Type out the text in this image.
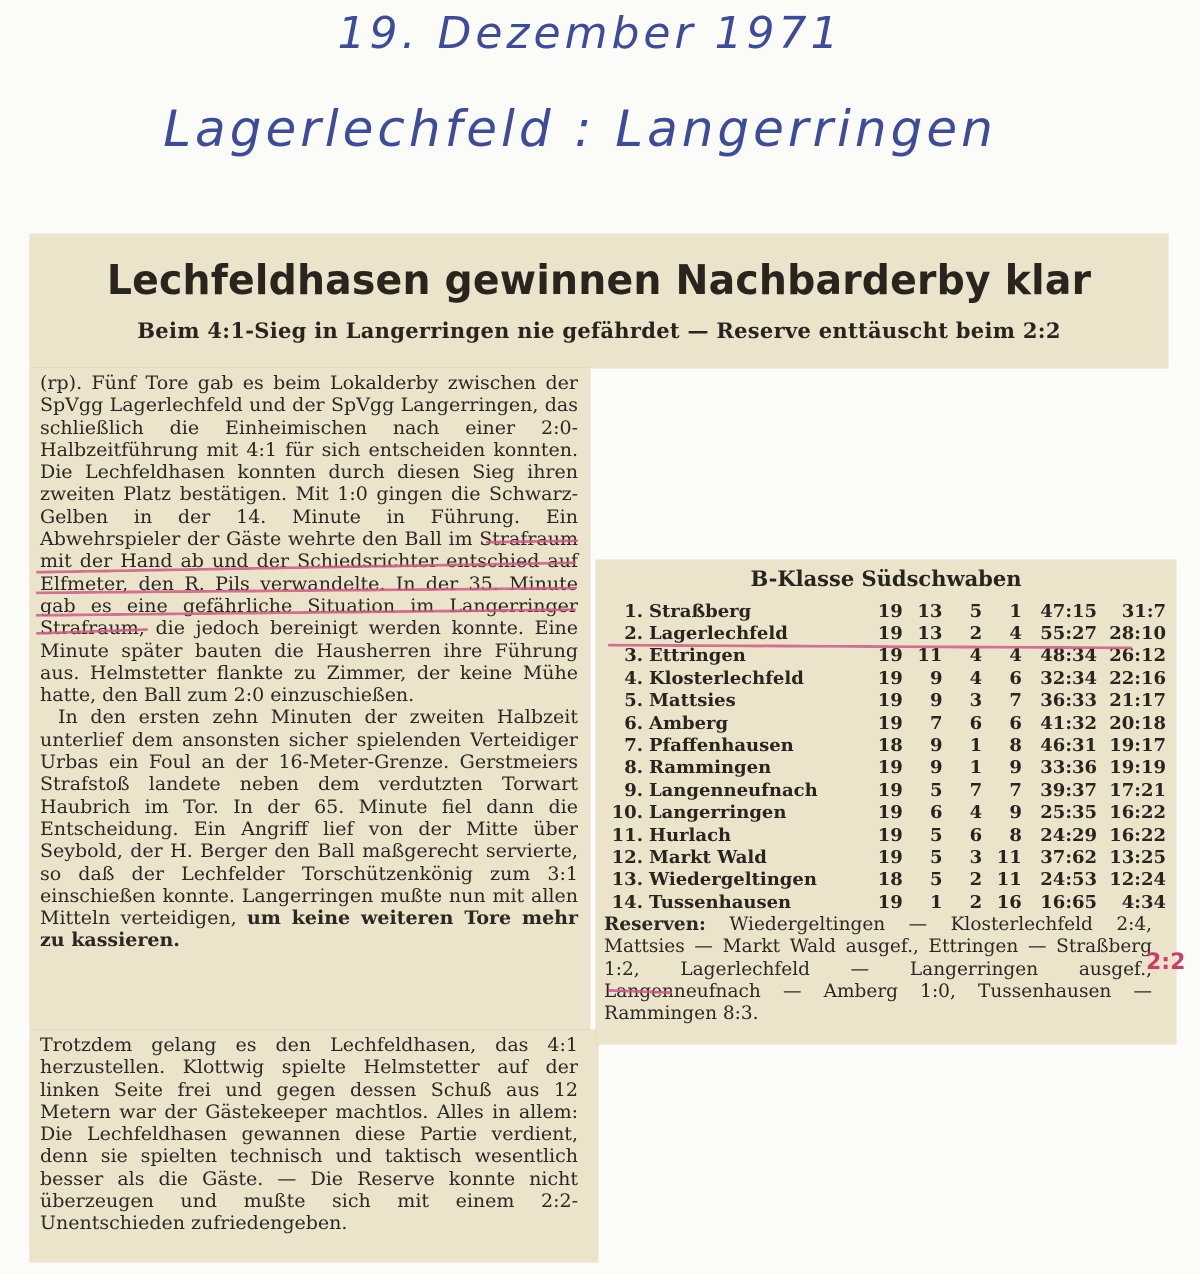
19. Dezember 1971
Lagerlechfeld : Langerringen
Lechfeldhasen gewinnen Nachbarderby klar
Beim 4:1-Sieg in Langerringen nie gefährdet — Reserve enttäuscht beim 2:2

(rp). Fünf Tore gab es beim Lokalderby zwischen der SpVgg Lagerlechfeld und der SpVgg Langerringen, das schließlich die Einheimischen nach einer 2:0-Halbzeitführung mit 4:1 für sich entscheiden konnten. Die Lechfeldhasen konnten durch diesen Sieg ihren zweiten Platz bestätigen. Mit 1:0 gingen die Schwarz-Gelben in der 14. Minute in Führung. Ein Abwehrspieler der Gäste wehrte den Ball im Strafraum mit der Hand ab und der Schiedsrichter entschied auf Elfmeter, den R. Pils verwandelte. In der 35. Minute gab es eine gefährliche Situation im Langerringer Strafraum, die jedoch bereinigt werden konnte. Eine Minute später bauten die Hausherren ihre Führung aus. Helmstetter flankte zu Zimmer, der keine Mühe hatte, den Ball zum 2:0 einzuschießen.

In den ersten zehn Minuten der zweiten Halbzeit unterlief dem ansonsten sicher spielenden Verteidiger Urbas ein Foul an der 16-Meter-Grenze. Gerstmeiers Strafstoß landete neben dem verdutzten Torwart Haubrich im Tor. In der 65. Minute fiel dann die Entscheidung. Ein Angriff lief von der Mitte über Seybold, der H. Berger den Ball maßgerecht servierte, so daß der Lechfelder Torschützenkönig zum 3:1 einschießen konnte. Langerringen mußte nun mit allen Mitteln verteidigen, um keine weiteren Tore mehr zu kassieren.

Trotzdem gelang es den Lechfeldhasen, das 4:1 herzustellen. Klottwig spielte Helmstetter auf der linken Seite frei und gegen dessen Schuß aus 12 Metern war der Gästekeeper machtlos. Alles in allem: Die Lechfeldhasen gewannen diese Partie verdient, denn sie spielten technisch und taktisch wesentlich besser als die Gäste. — Die Reserve konnte nicht überzeugen und mußte sich mit einem 2:2-Unentschieden zufriedengeben.

B-Klasse Südschwaben
1.	Straßberg	19	13	5	1	47:15	31:7
2.	Lagerlechfeld	19	13	2	4	55:27	28:10
3.	Ettringen	19	11	4	4	48:34	26:12
4.	Klosterlechfeld	19	9	4	6	32:34	22:16
5.	Mattsies	19	9	3	7	36:33	21:17
6.	Amberg	19	7	6	6	41:32	20:18
7.	Pfaffenhausen	18	9	1	8	46:31	19:17
8.	Rammingen	19	9	1	9	33:36	19:19
9.	Langenneufnach	19	5	7	7	39:37	17:21
10.	Langerringen	19	6	4	9	25:35	16:22
11.	Hurlach	19	5	6	8	24:29	16:22
12.	Markt Wald	19	5	3	11	37:62	13:25
13.	Wiedergeltingen	18	5	2	11	24:53	12:24
14.	Tussenhausen	19	1	2	16	16:65	4:34
Reserven: Wiedergeltingen — Klosterlechfeld 2:4, Mattsies — Markt Wald ausgef., Ettringen — Straßberg 1:2, Lagerlechfeld — Langerringen ausgef., Langenneufnach — Amberg 1:0, Tussenhausen — Rammingen 8:3.
2:2
